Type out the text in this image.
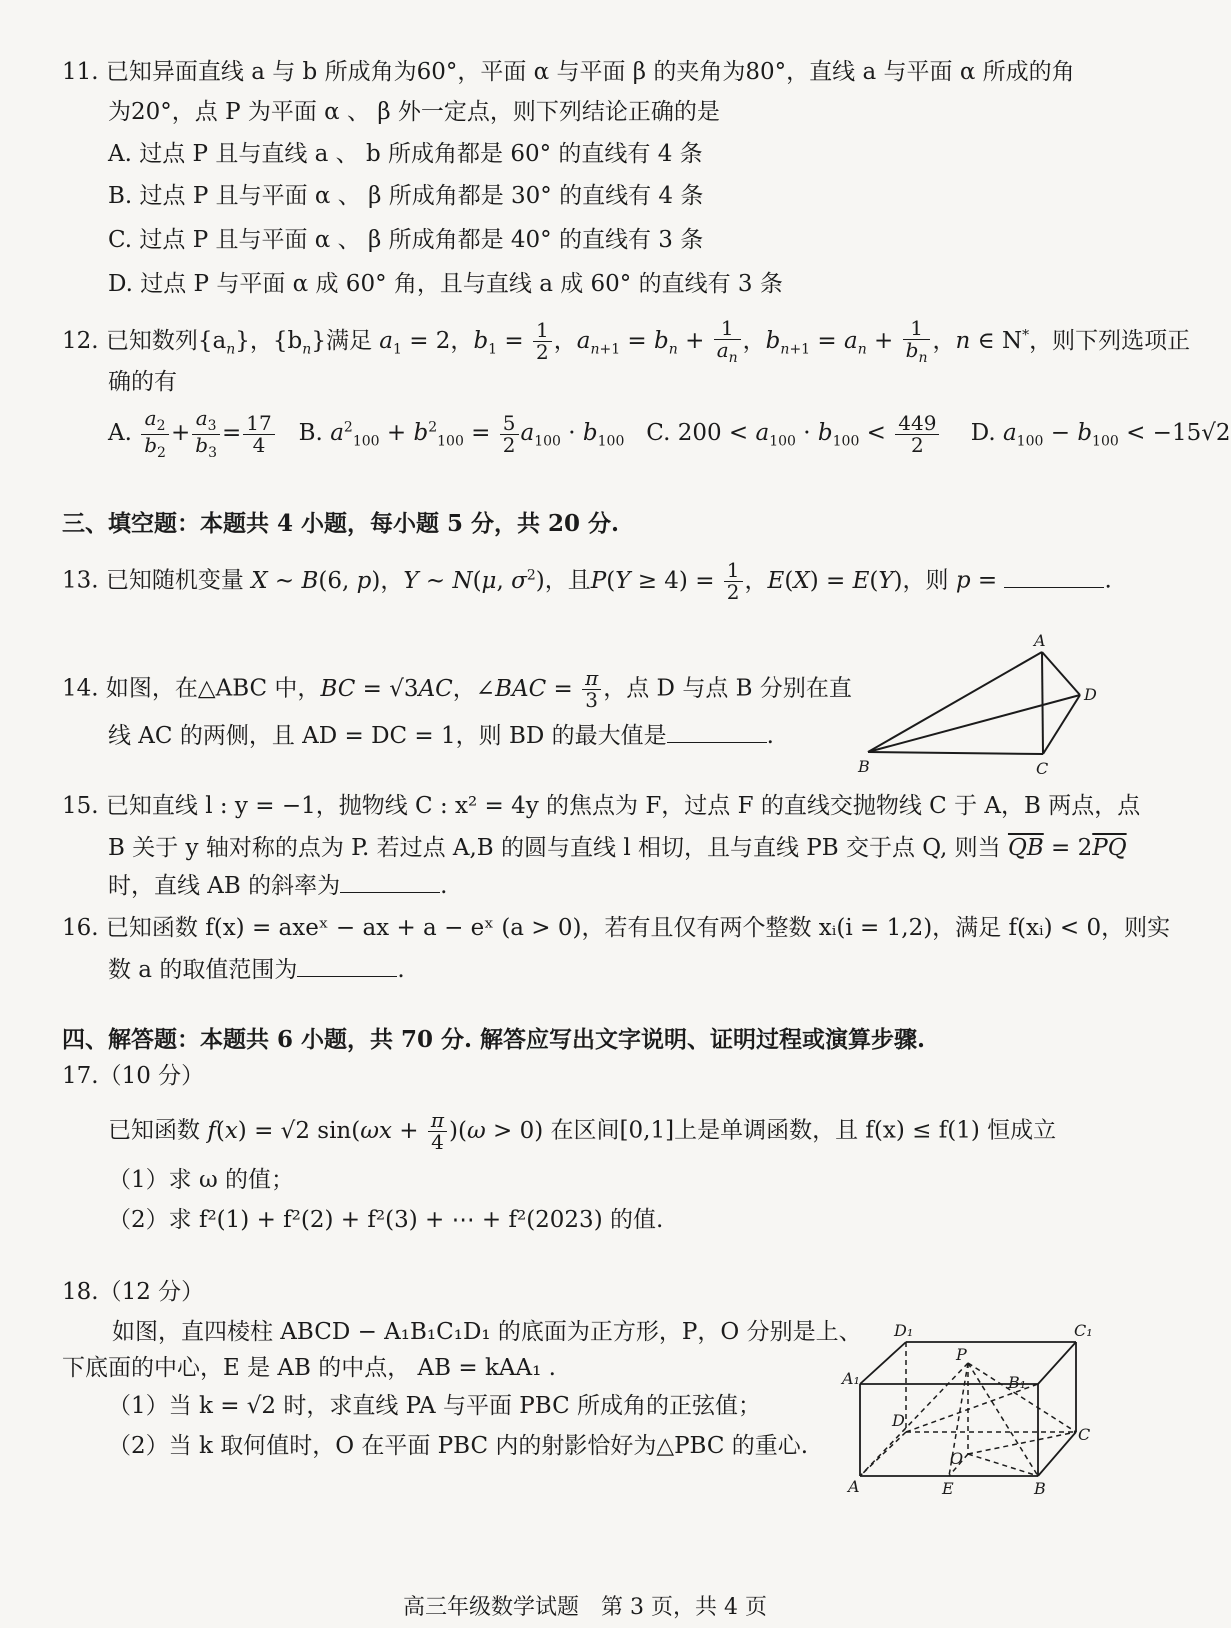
11. 已知异面直线 a 与 b 所成角为60°，平面 α 与平面 β 的夹角为80°，直线 a 与平面 α 所成的角
为20°，点 P 为平面 α 、 β 外一定点，则下列结论正确的是
A. 过点 P 且与直线 a 、 b 所成角都是 60° 的直线有 4 条
B. 过点 P 且与平面 α 、 β 所成角都是 30° 的直线有 4 条
C. 过点 P 且与平面 α 、 β 所成角都是 40° 的直线有 3 条
D. 过点 P 与平面 α 成 60° 角，且与直线 a 成 60° 的直线有 3 条
12. 已知数列$\{a_n\}$，$\{b_n\}$满足 $a_1 = 2$，$b_1 = \frac{1}{2}$ ，$a_{n+1} = b_n + \frac{1}{a_n}$ ，$b_{n+1} = a_n + \frac{1}{b_n}$ ，n ∈ N*，则下列选项正
确的有
A. $\frac{a_2}{b_2} + \frac{a_3}{b_3} = \frac{17}{4} B$. $a^2_{100} + b^2_{100} = \frac{5}{2} a_{100} \cdot b_{100}$ C. $200 < a_{100} \cdot b_{100} < \frac{449}{2} D$. $a_{100} - b_{100} < -15√2$
三、填空题：本题共 4 小题，每小题 5 分，共 20 分.
13. 已知随机变量 X ~ B(6, p)，Y ~ N(μ, $\sigma^2$)，且$P(Y \ge 4) = \frac{1}{2}$ ，E(X) = E(Y)，则 p =	.
14. 如图，在△ABC 中，BC = √3AC，∠BAC = $\frac{\pi}{3}$ ，点 D 与点 B 分别在直
线 AC 的两侧，且 AD = DC = 1，则 BD 的最大值是	.
A
D
B	C
15. 已知直线 l : y = −1，抛物线 C : x² = 4y 的焦点为 F，过点 F 的直线交抛物线 C 于 A，B 两点，点
B 关于 y 轴对称的点为 P. 若过点 A,B 的圆与直线 l 相切，且与直线 PB 交于点 Q, 则当 $\overline{QB} = 2\overline{PQ}$
时，直线 AB 的斜率为	.
16. 已知函数 f(x) = axeˣ − ax + a − eˣ (a > 0)，若有且仅有两个整数 xᵢ(i = 1,2)，满足 f(xᵢ) < 0，则实
数 a 的取值范围为	.
四、解答题：本题共 6 小题，共 70 分. 解答应写出文字说明、证明过程或演算步骤.
17.（10 分）
已知函数 f(x) = √2 $\sin(\omega x + \frac{\pi}{4} )(\omega > 0)$ 在区间[0,1]上是单调函数，且 f(x) ≤ f(1) 恒成立
（1）求 ω 的值；
（2）求 f²(1) + f²(2) + f²(3) + ⋯ + f²(2023) 的值.
18.（12 分）
如图，直四棱柱 ABCD − A₁B₁C₁D₁ 的底面为正方形，P，O 分别是上、
下底面的中心，E 是 AB 的中点， AB = kAA₁ .
（1）当 k = √2 时，求直线 PA 与平面 PBC 所成角的正弦值；
（2）当 k 取何值时，O 在平面 PBC 内的射影恰好为△PBC 的重心.
D₁	C₁
A₁	B₁
P
D
C
O
A	E	B
高三年级数学试题　第 3 页，共 4 页
